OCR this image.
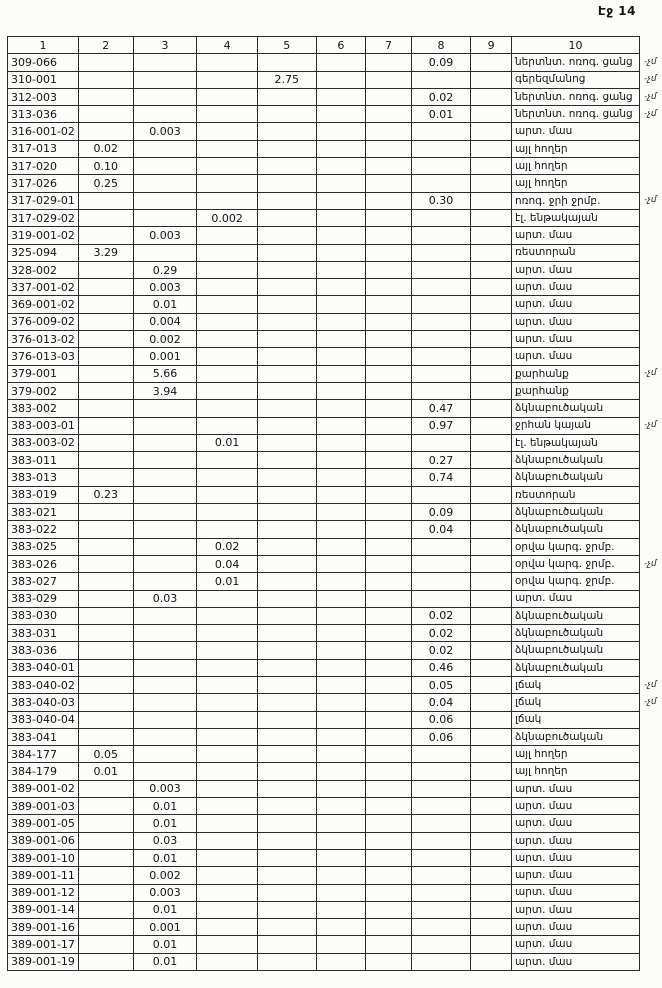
Էջ 14
1	2	3	4	5	6	7	8	9	10	
309-066							0.09		ներտնտ. ոռոգ. ցանց	-չմ
310-001				2.75					գերեզմանոց	-չմ
312-003							0.02		ներտնտ. ոռոգ. ցանց	-չմ
313-036							0.01		ներտնտ. ոռոգ. ցանց	-չմ
316-001-02		0.003							արտ. մաս	
317-013	0.02								այլ հողեր	
317-020	0.10								այլ հողեր	
317-026	0.25								այլ հողեր	
317-029-01							0.30		ոռոգ. ջրի ջրմբ.	-չմ
317-029-02			0.002						էլ. ենթակայան	
319-001-02		0.003							արտ. մաս	
325-094	3.29								ռեստորան	
328-002		0.29							արտ. մաս	
337-001-02		0.003							արտ. մաս	
369-001-02		0.01							արտ. մաս	
376-009-02		0.004							արտ. մաս	
376-013-02		0.002							արտ. մաս	
376-013-03		0.001							արտ. մաս	
379-001		5.66							քարհանք	-չմ
379-002		3.94							քարհանք	
383-002							0.47		ձկնաբուծական	
383-003-01							0.97		ջրհան կայան	-չմ
383-003-02			0.01						էլ. ենթակայան	
383-011							0.27		ձկնաբուծական	
383-013							0.74		ձկնաբուծական	
383-019	0.23								ռեստորան	
383-021							0.09		ձկնաբուծական	
383-022							0.04		ձկնաբուծական	
383-025			0.02						օրվա կարգ. ջրմբ.	
383-026			0.04						օրվա կարգ. ջրմբ.	-չմ
383-027			0.01						օրվա կարգ. ջրմբ.	
383-029		0.03							արտ. մաս	
383-030							0.02		ձկնաբուծական	
383-031							0.02		ձկնաբուծական	
383-036							0.02		ձկնաբուծական	
383-040-01							0.46		ձկնաբուծական	
383-040-02							0.05		լճակ	-չմ
383-040-03							0.04		լճակ	-չմ
383-040-04							0.06		լճակ	
383-041							0.06		ձկնաբուծական	
384-177	0.05								այլ հողեր	
384-179	0.01								այլ հողեր	
389-001-02		0.003							արտ. մաս	
389-001-03		0.01							արտ. մաս	
389-001-05		0.01							արտ. մաս	
389-001-06		0.03							արտ. մաս	
389-001-10		0.01							արտ. մաս	
389-001-11		0.002							արտ. մաս	
389-001-12		0.003							արտ. մաս	
389-001-14		0.01							արտ. մաս	
389-001-16		0.001							արտ. մաս	
389-001-17		0.01							արտ. մաս	
389-001-19		0.01							արտ. մաս	
